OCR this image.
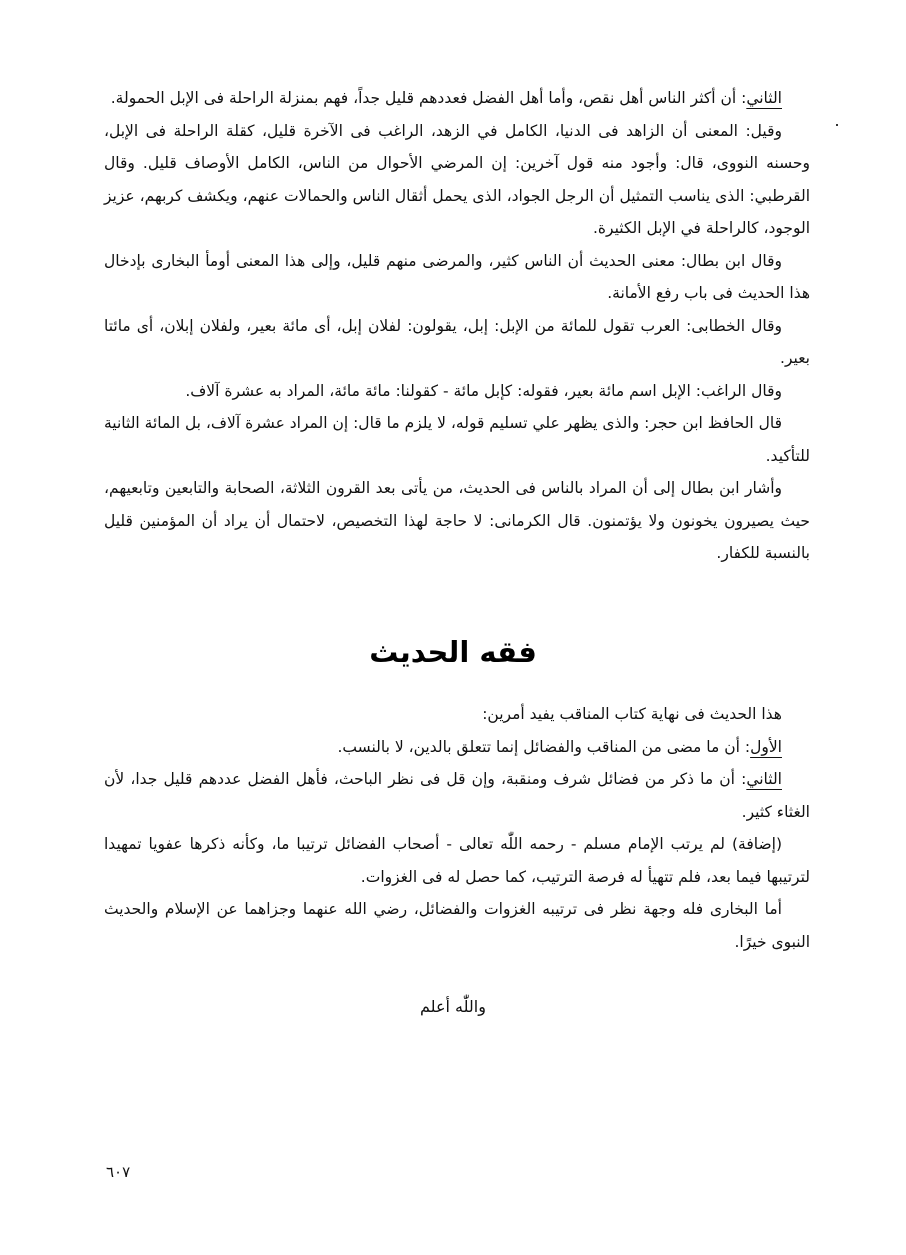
الثاني: أن أكثر الناس أهل نقص، وأما أهل الفضل فعددهم قليل جداً، فهم بمنزلة الراحلة فى الإبل الحمولة.

وقيل: المعنى أن الزاهد فى الدنيا، الكامل في الزهد، الراغب فى الآخرة قليل، كقلة الراحلة فى الإبل، وحسنه النووى، قال: وأجود منه قول آخرين: إن المرضي الأحوال من الناس، الكامل الأوصاف قليل. وقال القرطبي: الذى يناسب التمثيل أن الرجل الجواد، الذى يحمل أثقال الناس والحمالات عنهم، ويكشف كربهم، عزيز الوجود، كالراحلة في الإبل الكثيرة.

وقال ابن بطال: معنى الحديث أن الناس كثير، والمرضى منهم قليل، وإلى هذا المعنى أومأ البخارى بإدخال هذا الحديث فى باب رفع الأمانة.

وقال الخطابى: العرب تقول للمائة من الإبل: إبل، يقولون: لفلان إبل، أى مائة بعير، ولفلان إبلان، أى مائتا بعير.

وقال الراغب: الإبل اسم مائة بعير، فقوله: كإبل مائة - كقولنا: مائة مائة، المراد به عشرة آلاف.

قال الحافظ ابن حجر: والذى يظهر علي تسليم قوله، لا يلزم ما قال: إن المراد عشرة آلاف، بل المائة الثانية للتأكيد.

وأشار ابن بطال إلى أن المراد بالناس فى الحديث، من يأتى بعد القرون الثلاثة، الصحابة والتابعين وتابعيهم، حيث يصيرون يخونون ولا يؤتمنون. قال الكرمانى: لا حاجة لهذا التخصيص، لاحتمال أن يراد أن المؤمنين قليل بالنسبة للكفار.

فقه الحديث

هذا الحديث فى نهاية كتاب المناقب يفيد أمرين:

الأول: أن ما مضى من المناقب والفضائل إنما تتعلق بالدين، لا بالنسب.

الثاني: أن ما ذكر من فضائل شرف ومنقبة، وإن قل فى نظر الباحث، فأهل الفضل عددهم قليل جدا، لأن الغثاء كثير.

(إضافة) لم يرتب الإمام مسلم - رحمه اللّٰه تعالى - أصحاب الفضائل ترتيبا ما، وكأنه ذكرها عفويا تمهيدا لترتيبها فيما بعد، فلم تتهيأ له فرصة الترتيب، كما حصل له فى الغزوات.

أما البخارى فله وجهة نظر فى ترتيبه الغزوات والفضائل، رضي الله عنهما وجزاهما عن الإسلام والحديث النبوى خيرًا.

واللّٰه أعلم
٦٠٧
